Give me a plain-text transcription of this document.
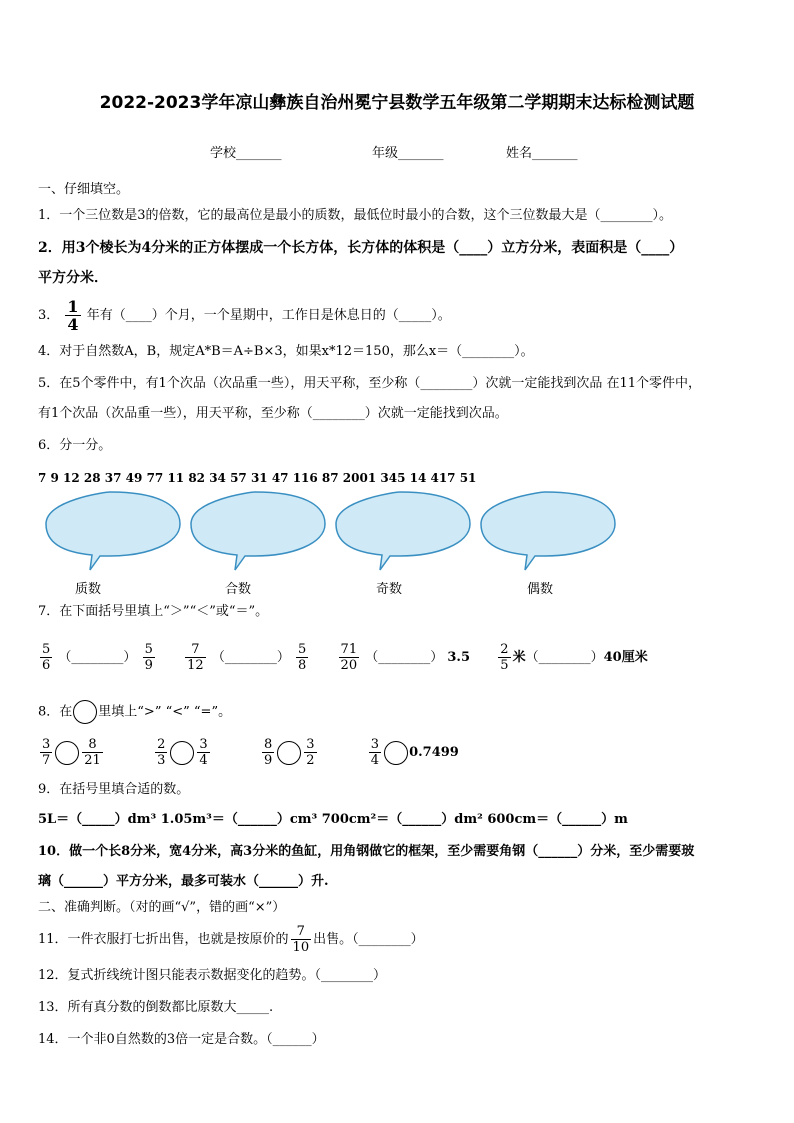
2022-2023学年凉山彝族自治州冕宁县数学五年级第二学期期末达标检测试题
学校_______	年级_______	姓名_______
一、仔细填空。
1．一个三位数是3的倍数，它的最高位是最小的质数，最低位时最小的合数，这个三位数最大是（________）。
2．用3个棱长为4分米的正方体摆成一个长方体，长方体的体积是（____）立方分米，表面积是（____）
平方分米．
3． $\frac{1}{4}$ 年有（____）个月，一个星期中，工作日是休息日的（_____）。
4．对于自然数A，B，规定A*B＝A÷B×3，如果x*12＝150，那么x＝（________）。
5．在5个零件中，有1个次品（次品重一些），用天平称，至少称（________）次就一定能找到次品 在11个零件中，
有1个次品（次品重一些），用天平称，至少称（________）次就一定能找到次品。
6．分一分。
7 9 12 28 37 49 77 11 82 34 57 31 47 116 87 2001 345 14 417 51
质数	合数	奇数	偶数
7．在下面括号里填上“＞”“＜”或“＝”。
$\frac{5}{6}$ （________） $\frac{5}{9}$
$\frac{7}{12}$ （________） $\frac{5}{8}$
$\frac{71}{20}$ （________） $3.5 \frac{2}{5}$ 米（________）40厘米
8．在 里填上“>” “<” “=”。
$\frac{3}{7} \frac{8}{21}$
	$\frac{2}{3} \frac{3}{4}$
	$\frac{8}{9} \frac{3}{2}$
	$\frac{3}{4} 0.7499$
9．在括号里填合适的数。
5L＝（_____）dm³ 1.05m³＝（______）cm³ 700cm²＝（______）dm² 600cm＝（______）m
10．做一个长8分米，宽4分米，高3分米的鱼缸，用角钢做它的框架，至少需要角钢（______）分米，至少需要玻
璃（______）平方分米，最多可装水（______）升.
二、准确判断。（对的画“√”，错的画“×”）
11．一件衣服打七折出售，也就是按原价的 $\frac{7}{10}$ 出售。（________）
12．复式折线统计图只能表示数据变化的趋势。（________）
13．所有真分数的倒数都比原数大_____.
14．一个非0自然数的3倍一定是合数。（______）
